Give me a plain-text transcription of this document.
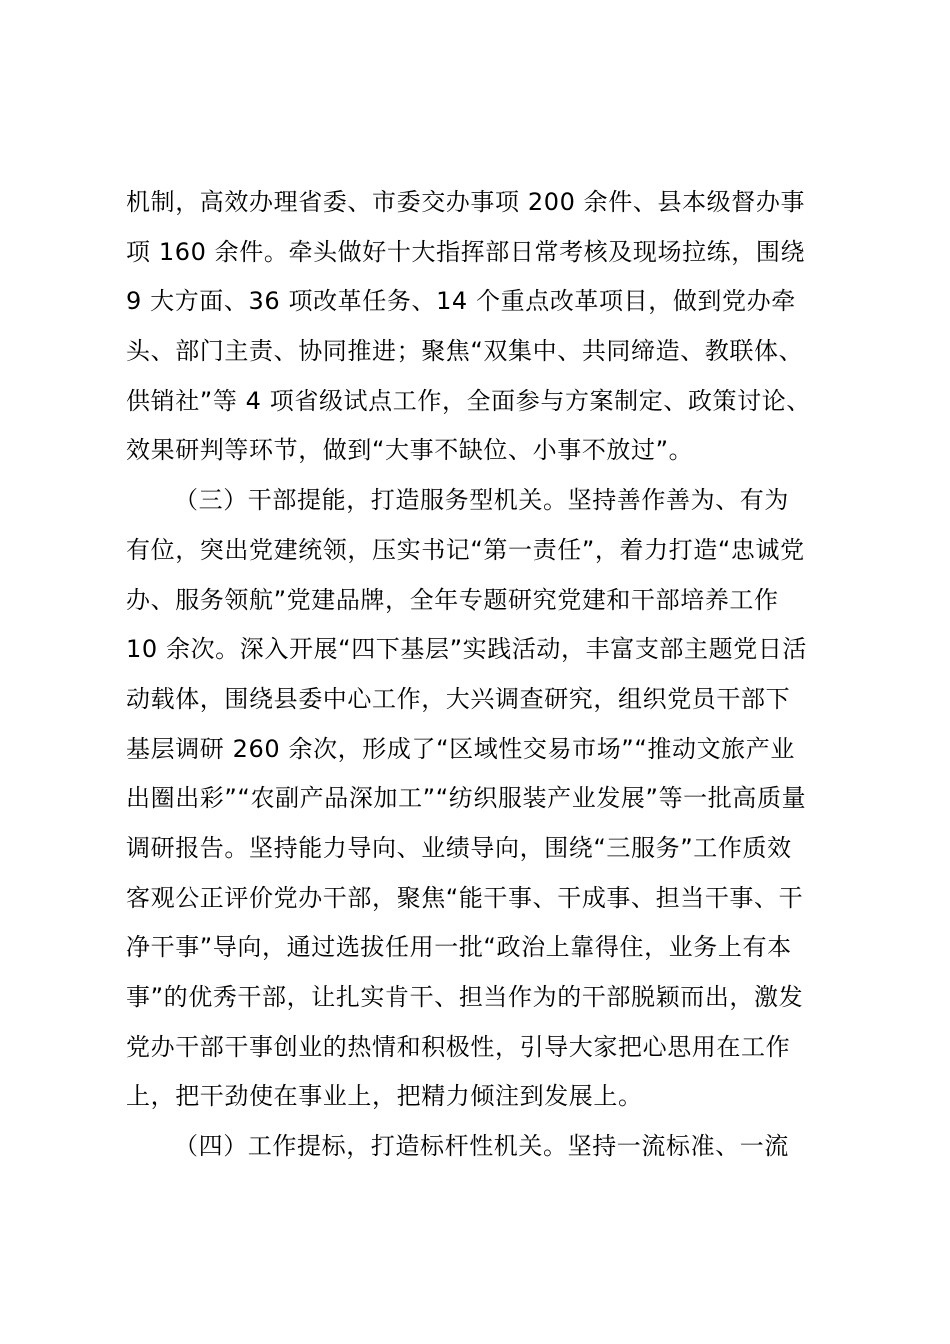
机制，高效办理省委、市委交办事项 200 余件、县本级督办事
项 160 余件。牵头做好十大指挥部日常考核及现场拉练，围绕
9 大方面、36 项改革任务、14 个重点改革项目，做到党办牵
头、部门主责、协同推进；聚焦“双集中、共同缔造、教联体、
供销社”等 4 项省级试点工作，全面参与方案制定、政策讨论、
效果研判等环节，做到“大事不缺位、小事不放过”。
（三）干部提能，打造服务型机关。坚持善作善为、有为
有位，突出党建统领，压实书记“第一责任”，着力打造“忠诚党
办、服务领航”党建品牌，全年专题研究党建和干部培养工作
10 余次。深入开展“四下基层”实践活动，丰富支部主题党日活
动载体，围绕县委中心工作，大兴调查研究，组织党员干部下
基层调研 260 余次，形成了“区域性交易市场”“推动文旅产业
出圈出彩”“农副产品深加工”“纺织服装产业发展”等一批高质量
调研报告。坚持能力导向、业绩导向，围绕“三服务”工作质效
客观公正评价党办干部，聚焦“能干事、干成事、担当干事、干
净干事”导向，通过选拔任用一批“政治上靠得住，业务上有本
事”的优秀干部，让扎实肯干、担当作为的干部脱颖而出，激发
党办干部干事创业的热情和积极性，引导大家把心思用在工作
上，把干劲使在事业上，把精力倾注到发展上。
（四）工作提标，打造标杆性机关。坚持一流标准、一流
